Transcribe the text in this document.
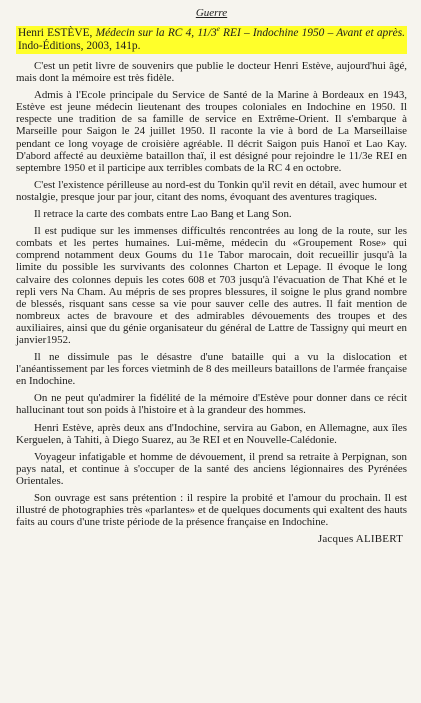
Guerre
Henri ESTÈVE, Médecin sur la RC 4, 11/3e REI – Indochine 1950 – Avant et après. Indo-Éditions, 2003, 141p.

C'est un petit livre de souvenirs que publie le docteur Henri Estève, aujourd'hui âgé, mais dont la mémoire est très fidèle.

Admis à l'Ecole principale du Service de Santé de la Marine à Bordeaux en 1943, Estève est jeune médecin lieutenant des troupes coloniales en Indochine en 1950. Il respecte une tradition de sa famille de service en Extrême-Orient. Il s'embarque à Marseille pour Saigon le 24 juillet 1950. Il raconte la vie à bord de La Marseillaise pendant ce long voyage de croisière agréable. Il décrit Saigon puis Hanoï et Lao Kay. D'abord affecté au deuxième bataillon thaï, il est désigné pour rejoindre le 11/3e REI en septembre 1950 et il participe aux terribles combats de la RC 4 en octobre.

C'est l'existence périlleuse au nord-est du Tonkin qu'il revit en détail, avec humour et nostalgie, presque jour par jour, citant des noms, évoquant des aventures tragiques.

Il retrace la carte des combats entre Lao Bang et Lang Son.

Il est pudique sur les immenses difficultés rencontrées au long de la route, sur les combats et les pertes humaines. Lui-même, médecin du «Groupement Rose» qui comprend notamment deux Goums du 11e Tabor marocain, doit recueillir jusqu'à la limite du possible les survivants des colonnes Charton et Lepage. Il évoque le long calvaire des colonnes depuis les cotes 608 et 703 jusqu'à l'évacuation de That Khé et le repli vers Na Cham. Au mépris de ses propres blessures, il soigne le plus grand nombre de blessés, risquant sans cesse sa vie pour sauver celle des autres. Il fait mention de nombreux actes de bravoure et des admirables dévouements des troupes et des auxiliaires, ainsi que du génie organisateur du général de Lattre de Tassigny qui meurt en janvier1952.

Il ne dissimule pas le désastre d'une bataille qui a vu la dislocation et l'anéantissement par les forces vietminh de 8 des meilleurs bataillons de l'armée française en Indochine.

On ne peut qu'admirer la fidélité de la mémoire d'Estève pour donner dans ce récit hallucinant tout son poids à l'histoire et à la grandeur des hommes.

Henri Estève, après deux ans d'Indochine, servira au Gabon, en Allemagne, aux îles Kerguelen, à Tahiti, à Diego Suarez, au 3e REI et en Nouvelle-Calédonie.

Voyageur infatigable et homme de dévouement, il prend sa retraite à Perpignan, son pays natal, et continue à s'occuper de la santé des anciens légionnaires des Pyrénées Orientales.

Son ouvrage est sans prétention : il respire la probité et l'amour du prochain. Il est illustré de photographies très «parlantes» et de quelques documents qui exaltent des hauts faits au cours d'une triste période de la présence française en Indochine.

Jacques ALIBERT
